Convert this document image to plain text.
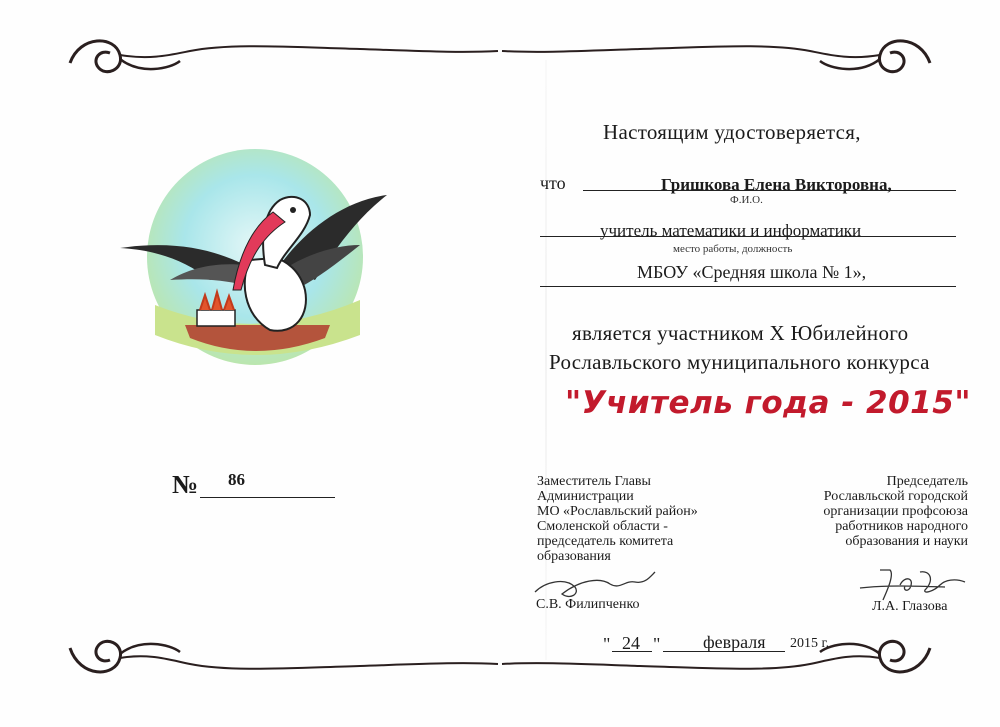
№ 86
Настоящим удостоверяется,
что	Гришкова Елена Викторовна,
Ф.И.О.
учитель математики и информатики
место работы, должность
МБОУ «Средняя школа № 1»,
является участником Х Юбилейного
Рославльского муниципального конкурса
"Учитель года - 2015"
Заместитель Главы
Администрации
МО «Рославльский район»
Смоленской области -
председатель комитета
образования
Председатель
Рославльской городской
организации профсоюза
работников народного
образования и науки
С.В. Филипченко	Л.А. Глазова
" 24 " февраля 2015 г.
